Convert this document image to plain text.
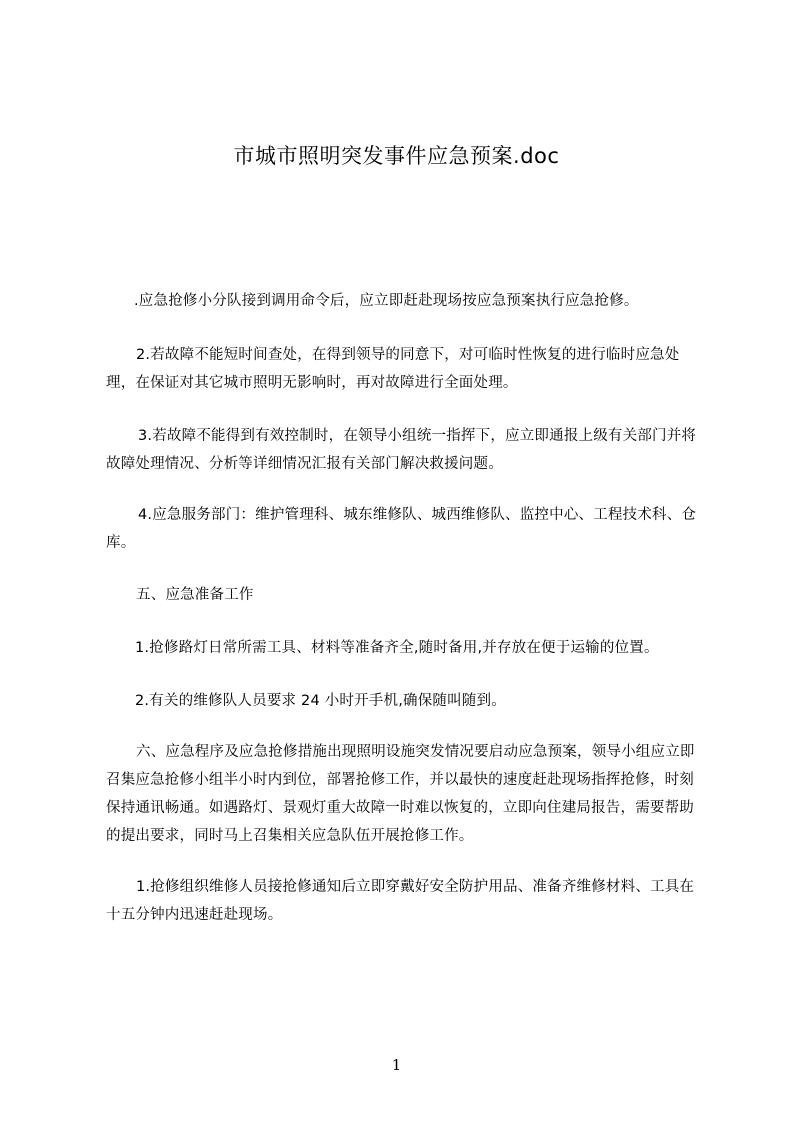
市城市照明突发事件应急预案.doc

.应急抢修小分队接到调用命令后，应立即赶赴现场按应急预案执行应急抢修。

2.若故障不能短时间查处，在得到领导的同意下，对可临时性恢复的进行临时应急处理，在保证对其它城市照明无影响时，再对故障进行全面处理。

3.若故障不能得到有效控制时，在领导小组统一指挥下，应立即通报上级有关部门并将故障处理情况、分析等详细情况汇报有关部门解决救援问题。

4.应急服务部门：维护管理科、城东维修队、城西维修队、监控中心、工程技术科、仓库。

五、应急准备工作

1.抢修路灯日常所需工具、材料等准备齐全,随时备用,并存放在便于运输的位置。

2.有关的维修队人员要求 24 小时开手机,确保随叫随到。

六、应急程序及应急抢修措施出现照明设施突发情况要启动应急预案，领导小组应立即召集应急抢修小组半小时内到位，部署抢修工作，并以最快的速度赶赴现场指挥抢修，时刻保持通讯畅通。如遇路灯、景观灯重大故障一时难以恢复的，立即向住建局报告，需要帮助的提出要求，同时马上召集相关应急队伍开展抢修工作。

1.抢修组织维修人员接抢修通知后立即穿戴好安全防护用品、准备齐维修材料、工具在十五分钟内迅速赶赴现场。

1
